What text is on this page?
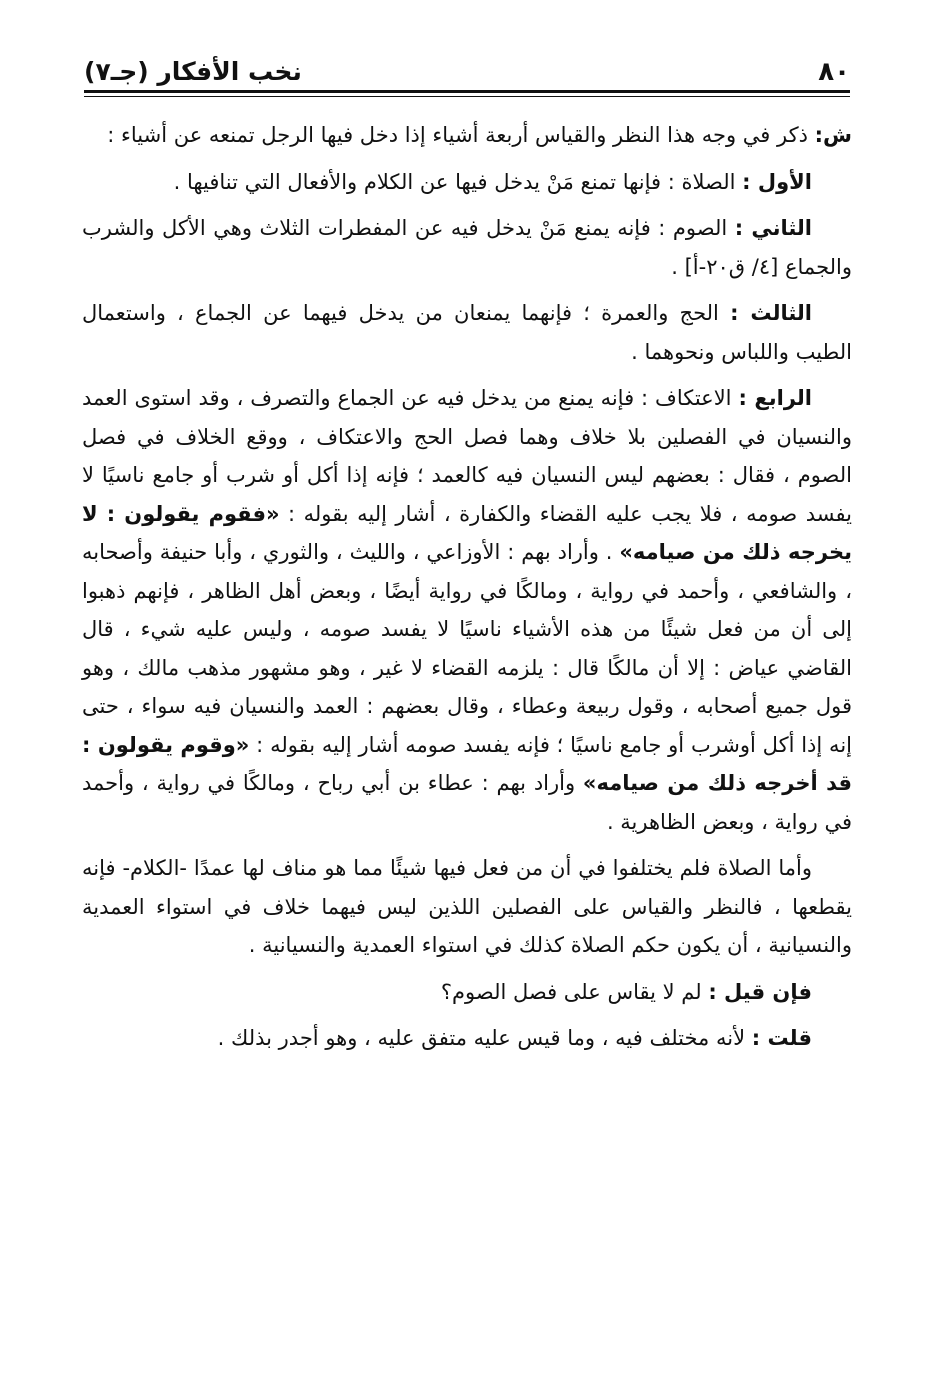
٨٠
نخب الأفكار (جـ٧)

ش: ذكر في وجه هذا النظر والقياس أربعة أشياء إذا دخل فيها الرجل تمنعه عن أشياء :

الأول : الصلاة : فإنها تمنع مَنْ يدخل فيها عن الكلام والأفعال التي تنافيها .

الثاني : الصوم : فإنه يمنع مَنْ يدخل فيه عن المفطرات الثلاث وهي الأكل والشرب والجماع [٤/ ق٢٠-أ] .

الثالث : الحج والعمرة ؛ فإنهما يمنعان من يدخل فيهما عن الجماع ، واستعمال الطيب واللباس ونحوهما .

الرابع : الاعتكاف : فإنه يمنع من يدخل فيه عن الجماع والتصرف ، وقد استوى العمد والنسيان في الفصلين بلا خلاف وهما فصل الحج والاعتكاف ، ووقع الخلاف في فصل الصوم ، فقال : بعضهم ليس النسيان فيه كالعمد ؛ فإنه إذا أكل أو شرب أو جامع ناسيًا لا يفسد صومه ، فلا يجب عليه القضاء والكفارة ، أشار إليه بقوله : «فقوم يقولون : لا يخرجه ذلك من صيامه» . وأراد بهم : الأوزاعي ، والليث ، والثوري ، وأبا حنيفة وأصحابه ، والشافعي ، وأحمد في رواية ، ومالكًا في رواية أيضًا ، وبعض أهل الظاهر ، فإنهم ذهبوا إلى أن من فعل شيئًا من هذه الأشياء ناسيًا لا يفسد صومه ، وليس عليه شيء ، قال القاضي عياض : إلا أن مالكًا قال : يلزمه القضاء لا غير ، وهو مشهور مذهب مالك ، وهو قول جميع أصحابه ، وقول ربيعة وعطاء ، وقال بعضهم : العمد والنسيان فيه سواء ، حتى إنه إذا أكل أوشرب أو جامع ناسيًا ؛ فإنه يفسد صومه أشار إليه بقوله : «وقوم يقولون : قد أخرجه ذلك من صيامه» وأراد بهم : عطاء بن أبي رباح ، ومالكًا في رواية ، وأحمد في رواية ، وبعض الظاهرية .

وأما الصلاة فلم يختلفوا في أن من فعل فيها شيئًا مما هو مناف لها عمدًا -الكلام- فإنه يقطعها ، فالنظر والقياس على الفصلين اللذين ليس فيهما خلاف في استواء العمدية والنسيانية ، أن يكون حكم الصلاة كذلك في استواء العمدية والنسيانية .

فإن قيل : لم لا يقاس على فصل الصوم؟

قلت : لأنه مختلف فيه ، وما قيس عليه متفق عليه ، وهو أجدر بذلك .
